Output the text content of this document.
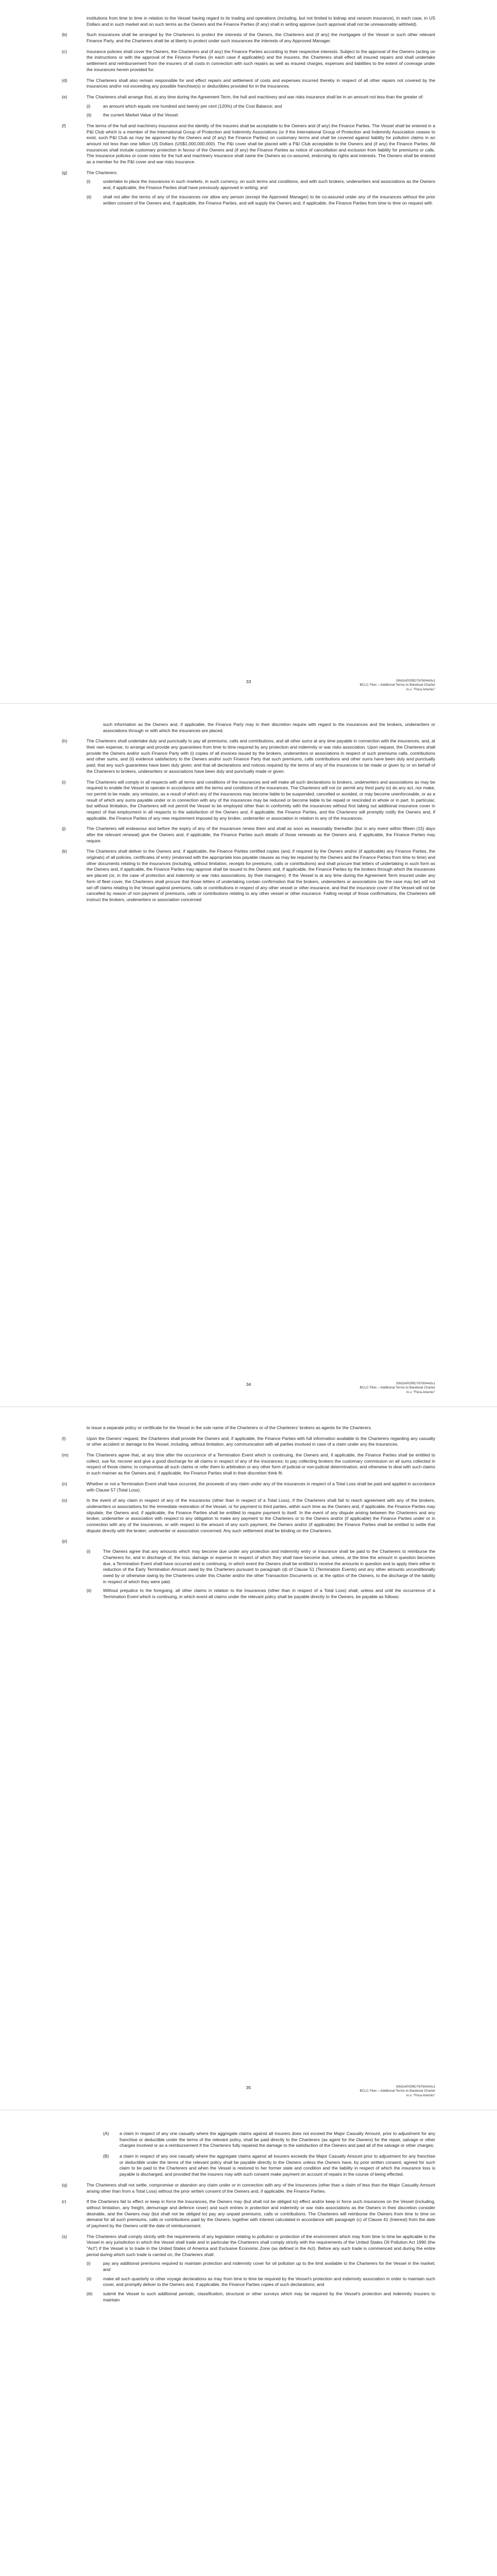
institutions from time to time in relation to the Vessel having regard to its trading and operations (including, but not limited to kidnap and ransom insurance), in each case, in US Dollars and in such market and on such terms as the Owners and the Finance Parties (if any) shall in writing approve (such approval shall not be unreasonably withheld).
(b)	Such insurances shall be arranged by the Charterers to protect the interests of the Owners, the Charterers and (if any) the mortgagee of the Vessel or such other relevant Finance Party, and the Charterers shall be at liberty to protect under such insurances the interests of any Approved Manager.
(c)	Insurance policies shall cover the Owners, the Charterers and (if any) the Finance Parties according to their respective interests. Subject to the approval of the Owners (acting on the instructions or with the approval of the Finance Parties (in each case if applicable)) and the insurers, the Charterers shall effect all insured repairs and shall undertake settlement and reimbursement from the insurers of all costs in connection with such repairs as well as insured charges, expenses and liabilities to the extent of coverage under the insurances herein provided for.
(d)	The Charterers shall also remain responsible for and effect repairs and settlement of costs and expenses incurred thereby in respect of all other repairs not covered by the insurances and/or not exceeding any possible franchise(s) or deductibles provided for in the insurances.
(e)	The Charterers shall arrange that, at any time during the Agreement Term, the hull and machinery and war risks insurance shall be in an amount not less than the greater of:
(i)	an amount which equals one hundred and twenty per cent (120%) of the Cost Balance; and
(ii)	the current Market Value of the Vessel.
(f)	The terms of the hull and machinery insurance and the identity of the insurers shall be acceptable to the Owners and (if any) the Finance Parties. The Vessel shall be entered in a P&I Club which is a member of the International Group of Protection and Indemnity Associations (or if the International Group of Protection and Indemnity Association ceases to exist, such P&I Club as may be approved by the Owners and (if any) the Finance Parties) on customary terms and shall be covered against liability for pollution claims in an amount not less than one billion US Dollars (US$1,000,000,000). The P&I cover shall be placed with a P&I Club acceptable to the Owners and (if any) the Finance Parties. All insurances shall include customary protection in favour of the Owners and (if any) the Finance Parties as notice of cancellation and exclusion from liability for premiums or calls. The insurance policies or cover notes for the hull and machinery insurance shall name the Owners as co-assured, endorsing its rights and interests. The Owners shall be entered as a member for the P&I cover and war risks insurance.
(g)	The Charterers:
(i)	undertake to place the insurances in such markets, in such currency, on such terms and conditions, and with such brokers, underwriters and associations as the Owners and, if applicable, the Finance Parties shall have previously approved in writing; and
(ii)	shall not alter the terms of any of the insurances nor allow any person (except the Approved Manager) to be co-assured under any of the insurances without the prior written consent of the Owners and, if applicable, the Finance Parties, and will supply the Owners and, if applicable, the Finance Parties from time to time on request with
33	SINGAPORE/76760443v1
BCLC Files – Additional Terms to Bareboat Charter
m.v. "Flora Artemis"
such information as the Owners and, if applicable, the Finance Party may in their discretion require with regard to the insurances and the brokers, underwriters or associations through or with which the insurances are placed.
(h)	The Charterers shall undertake duly and punctually to pay all premiums, calls and contributions, and all other sums at any time payable in connection with the insurances, and, at their own expense, to arrange and provide any guarantees from time to time required by any protection and indemnity or war risks association. Upon request, the Charterers shall provide the Owners and/or such Finance Party with (i) copies of all invoices issued by the brokers, underwriters or associations in respect of such premiums calls, contributions and other sums, and (ii) evidence satisfactory to the Owners and/or such Finance Party that such premiums, calls contributions and other sums have been duly and punctually paid; that any such guarantees have been duly given; and that all declarations and notices required by the terms of any of the insurances to be made or given by or on behalf of the Charterers to brokers, underwriters or associations have been duly and punctually made or given.
(i)	The Charterers will comply in all respects with all terms and conditions of the insurances and will make all such declarations to brokers, underwriters and associations as may be required to enable the Vessel to operate in accordance with the terms and conditions of the insurances. The Charterers will not (or permit any third party to) do any act, nor make, nor permit to be made, any omission, as a result of which any of the insurances may become liable to be suspended, cancelled or avoided, or may become unenforceable, or as a result of which any sums payable under or in connection with any of the insurances may be reduced or become liable to be repaid or rescinded in whole or in part. In particular, but without limitation, the Charterers will not permit the Vessel to be employed other than in conformity with the insurances without first taking out additional insurance cover in respect of that employment in all respects to the satisfaction of the Owners and, if applicable, the Finance Parties, and the Charterers will promptly notify the Owners and, if applicable, the Finance Parties of any new requirement imposed by any broker, underwriter or association in relation to any of the insurances.
(j)	The Charterers will endeavour and before the expiry of any of the insurances renew them and shall as soon as reasonably thereafter (but in any event within fifteen (15) days after the relevant renewal) give the Owners and, if applicable, the Finance Parties such details of those renewals as the Owners and, if applicable, the Finance Parties may require.
(k)	The Charterers shall deliver to the Owners and, if applicable, the Finance Parties certified copies (and, if required by the Owners and/or (if applicable) any Finance Parties, the originals) of all policies, certificates of entry (endorsed with the appropriate loss payable clauses as may be required by the Owners and the Finance Parties from time to time) and other documents relating to the insurances (including, without limitation, receipts for premiums, calls or contributions) and shall procure that letters of undertaking in such form as the Owners and, if applicable, the Finance Parties may approve shall be issued to the Owners and, if applicable, the Finance Parties by the brokers through which the insurances are placed (or, in the case of protection and indemnity or war risks associations, by their managers). If the Vessel is at any time during the Agreement Term insured under any form of fleet cover, the Charterers shall procure that those letters of undertaking contain confirmation that the brokers, underwriters or associations (as the case may be) will not set off claims relating to the Vessel against premiums, calls or contributions in respect of any other vessel or other insurance, and that the insurance cover of the Vessel will not be cancelled by reason of non-payment of premiums, calls or contributions relating to any other vessel or other insurance. Failing receipt of those confirmations, the Charterers will instruct the brokers, underwriters or association concerned
34	SINGAPORE/76760443v1
BCLC Files – Additional Terms to Bareboat Charter
m.v. "Flora Artemis"
to issue a separate policy or certificate for the Vessel in the sole name of the Charterers or of the Charterers' brokers as agents for the Charterers.
(l)	Upon the Owners' request, the Charterers shall provide the Owners and, if applicable, the Finance Parties with full information available to the Charterers regarding any casualty or other accident or damage to the Vessel, including, without limitation, any communication with all parties involved in case of a claim under any the insurances.
(m)	The Charterers agree that, at any time after the occurrence of a Termination Event which is continuing, the Owners and, if applicable, the Finance Parties shall be entitled to collect, sue for, recover and give a good discharge for all claims in respect of any of the insurances; to pay collecting brokers the customary commission on all sums collected in respect of those claims; to compromise all such claims or refer them to arbitration or any other form of judicial or non-judicial determination; and otherwise to deal with such claims in such manner as the Owners and, if applicable, the Finance Parties shall in their discretion think fit.
(n)	Whether or not a Termination Event shall have occurred, the proceeds of any claim under any of the insurances in respect of a Total Loss shall be paid and applied in accordance with Clause 57 (Total Loss).
(o)	In the event of any claim in respect of any of the insurances (other than in respect of a Total Loss), if the Charterers shall fail to reach agreement with any of the brokers, underwriters or associations for the immediate restoration of the Vessel, or for payment to third parties, within such time as the Owners and, if applicable, the Finance Parties may stipulate, the Owners and, if applicable, the Finance Parties shall be entitled to require payment to itself. In the event of any dispute arising between the Charterers and any broker, underwriter or association with respect to any obligation to make any payment to the Charterers or to the Owners and/or (if applicable) the Finance Parties under or in connection with any of the insurances, or with respect to the amount of any such payment, the Owners and/or (if applicable) the Finance Parties shall be entitled to settle that dispute directly with the broker, underwriter or association concerned. Any such settlement shall be binding on the Charterers.
(p)
(i)	The Owners agree that any amounts which may become due under any protection and indemnity entry or insurance shall be paid to the Charterers to reimburse the Charterers for, and in discharge of, the loss, damage or expense in respect of which they shall have become due, unless, at the time the amount in question becomes due, a Termination Event shall have occurred and is continuing, in which event the Owners shall be entitled to receive the amounts in question and to apply them either in reduction of the Early Termination Amount owed by the Charterers pursuant to paragraph (d) of Clause 51 (Termination Events) and any other amounts unconditionally owed by or otherwise owing by the Charterers under this Charter and/or the other Transaction Documents or, at the option of the Owners, to the discharge of the liability in respect of which they were paid.
(ii)	Without prejudice to the foregoing, all other claims in relation to the Insurances (other than in respect of a Total Loss) shall, unless and until the occurrence of a Termination Event which is continuing, in which event all claims under the relevant policy shall be payable directly to the Owners, be payable as follows:
35	SINGAPORE/76760443v1
BCLC Files – Additional Terms to Bareboat Charter
m.v. "Flora Artemis"
(A) a claim in respect of any one casualty where the aggregate claims against all insurers does not exceed the Major Casualty Amount, prior to adjustment for any franchise or deductible under the terms of the relevant policy, shall be paid directly to the Charterers (as agent for the Owners) for the repair, salvage or other charges involved or as a reimbursement if the Charterers fully repaired the damage to the satisfaction of the Owners and paid all of the salvage or other charges;
(B) a claim in respect of any one casualty where the aggregate claims against all insurers exceeds the Major Casualty Amount prior to adjustment for any franchise or deductible under the terms of the relevant policy shall be payable directly to the Owners unless the Owners have, by prior written consent, agreed for such claim to be paid to the Charterers and when the Vessel is restored to her former state and condition and the liability in respect of which the insurance loss is payable is discharged, and provided that the insurers may with such consent make payment on account of repairs in the course of being effected.
(q)	The Charterers shall not settle, compromise or abandon any claim under or in connection with any of the Insurances (other than a claim of less than the Major Casualty Amount arising other than from a Total Loss) without the prior written consent of the Owners and, if applicable, the Finance Parties.
(r)	If the Charterers fail to effect or keep in force the Insurances, the Owners may (but shall not be obliged to) effect and/or keep in force such insurances on the Vessel (including, without limitation, any freight, demurrage and defence cover) and such entries in protection and indemnity or war risks associations as the Owners in their discretion consider desirable, and the Owners may (but shall not be obliged to) pay any unpaid premiums, calls or contributions. The Charterers will reimburse the Owners from time to time on demand for all such premiums, calls or contributions paid by the Owners, together with interest calculated in accordance with paragraph (c) of Clause 41 (Interest) from the date of payment by the Owners until the date of reimbursement.
(s)	The Charterers shall comply strictly with the requirements of any legislation relating to pollution or protection of the environment which may from time to time be applicable to the Vessel in any jurisdiction in which the Vessel shall trade and in particular the Charterers shall comply strictly with the requirements of the United States Oil Pollution Act 1990 (the "Act") if the Vessel is to trade in the United States of America and Exclusive Economic Zone (as defined in the Act). Before any such trade is commenced and during the entire period during which such trade is carried on, the Charterers shall:
(i)	pay any additional premiums required to maintain protection and indemnity cover for oil pollution up to the limit available to the Charterers for the Vessel in the market; and
(ii)	make all such quarterly or other voyage declarations as may from time to time be required by the Vessel's protection and indemnity association in order to maintain such cover, and promptly deliver to the Owners and, if applicable, the Finance Parties copies of such declarations; and
(iii) submit the Vessel to such additional periodic, classification, structural or other surveys which may be required by the Vessel's protection and indemnity insurers to maintain
